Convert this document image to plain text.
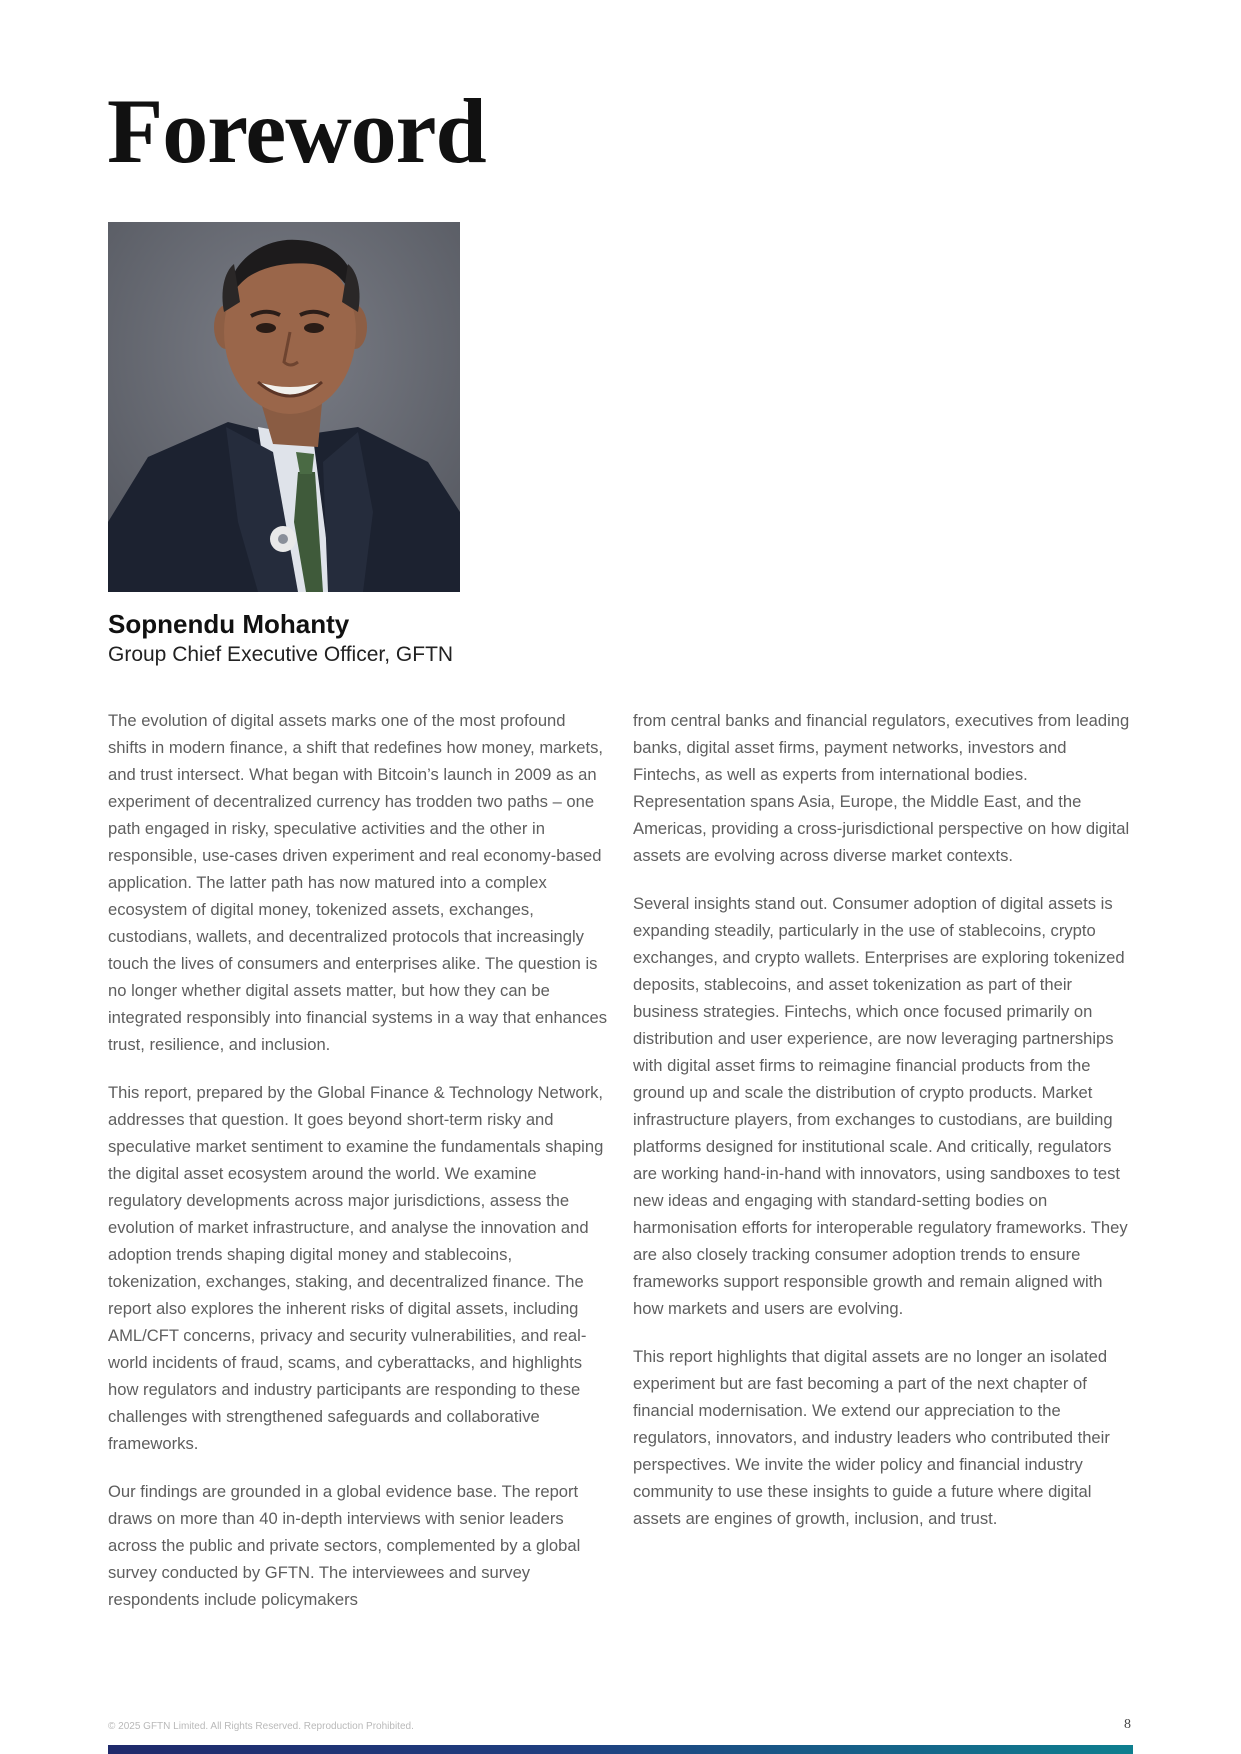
Foreword
Sopnendu Mohanty

Group Chief Executive Officer, GFTN

The evolution of digital assets marks one of the most profound shifts in modern finance, a shift that redefines how money, markets, and trust intersect. What began with Bitcoin’s launch in 2009 as an experiment of decentralized currency has trodden two paths – one path engaged in risky, speculative activities and the other in responsible, use-cases driven experiment and real economy-based application. The latter path has now matured into a complex ecosystem of digital money, tokenized assets, exchanges, custodians, wallets, and decentralized protocols that increasingly touch the lives of consumers and enterprises alike. The question is no longer whether digital assets matter, but how they can be integrated responsibly into financial systems in a way that enhances trust, resilience, and inclusion.

This report, prepared by the Global Finance & Technology Network, addresses that question. It goes beyond short-term risky and speculative market sentiment to examine the fundamentals shaping the digital asset ecosystem around the world. We examine regulatory developments across major jurisdictions, assess the evolution of market infrastructure, and analyse the innovation and adoption trends shaping digital money and stablecoins, tokenization, exchanges, staking, and decentralized finance. The report also explores the inherent risks of digital assets, including AML/CFT concerns, privacy and security vulnerabilities, and real-world incidents of fraud, scams, and cyberattacks, and highlights how regulators and industry participants are responding to these challenges with strengthened safeguards and collaborative frameworks.

Our findings are grounded in a global evidence base. The report draws on more than 40 in-depth interviews with senior leaders across the public and private sectors, complemented by a global survey conducted by GFTN. The interviewees and survey respondents include policymakers

from central banks and financial regulators, executives from leading banks, digital asset firms, payment networks, investors and Fintechs, as well as experts from international bodies. Representation spans Asia, Europe, the Middle East, and the Americas, providing a cross-jurisdictional perspective on how digital assets are evolving across diverse market contexts.

Several insights stand out. Consumer adoption of digital assets is expanding steadily, particularly in the use of stablecoins, crypto exchanges, and crypto wallets. Enterprises are exploring tokenized deposits, stablecoins, and asset tokenization as part of their business strategies. Fintechs, which once focused primarily on distribution and user experience, are now leveraging partnerships with digital asset firms to reimagine financial products from the ground up and scale the distribution of crypto products. Market infrastructure players, from exchanges to custodians, are building platforms designed for institutional scale. And critically, regulators are working hand-in-hand with innovators, using sandboxes to test new ideas and engaging with standard-setting bodies on harmonisation efforts for interoperable regulatory frameworks. They are also closely tracking consumer adoption trends to ensure frameworks support responsible growth and remain aligned with how markets and users are evolving.

This report highlights that digital assets are no longer an isolated experiment but are fast becoming a part of the next chapter of financial modernisation. We extend our appreciation to the regulators, innovators, and industry leaders who contributed their perspectives. We invite the wider policy and financial industry community to use these insights to guide a future where digital assets are engines of growth, inclusion, and trust.

© 2025 GFTN Limited. All Rights Reserved. Reproduction Prohibited.	8
